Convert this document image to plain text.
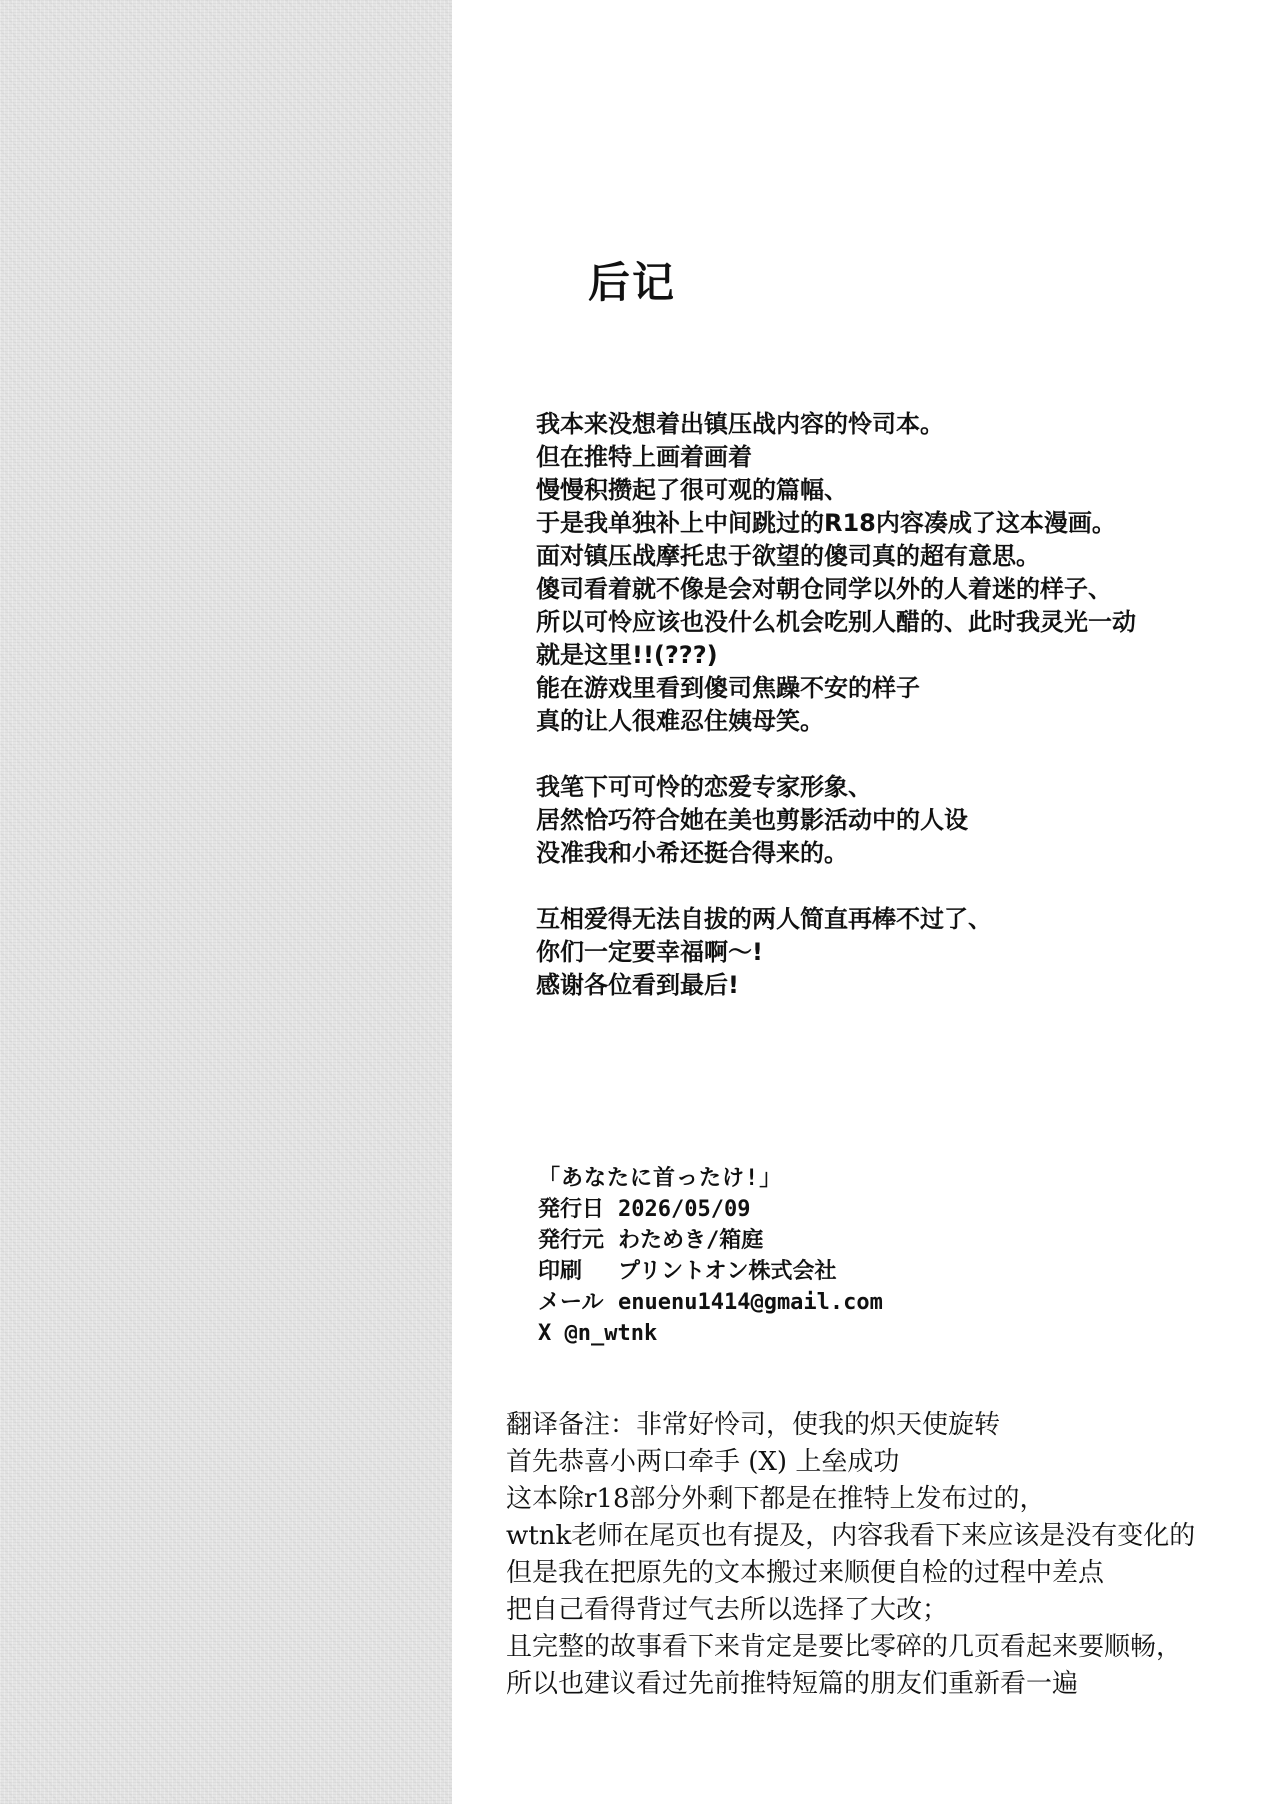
后记

我本来没想着出镇压战内容的怜司本。
但在推特上画着画着
慢慢积攒起了很可观的篇幅、
于是我单独补上中间跳过的R18内容凑成了这本漫画。
面对镇压战摩托忠于欲望的傻司真的超有意思。
傻司看着就不像是会对朝仓同学以外的人着迷的样子、
所以可怜应该也没什么机会吃别人醋的、此时我灵光一动
就是这里!!(???)
能在游戏里看到傻司焦躁不安的样子
真的让人很难忍住姨母笑。

我笔下可可怜的恋爱专家形象、
居然恰巧符合她在美也剪影活动中的人设
没准我和小希还挺合得来的。

互相爱得无法自拔的两人简直再棒不过了、
你们一定要幸福啊〜!
感谢各位看到最后!

「あなたに首ったけ!」
発行日 2026/05/09
発行元 わためき/箱庭
印刷	プリントオン株式会社
メール enuenu1414@gmail.com
X @n_wtnk
翻译备注：非常好怜司，使我的炽天使旋转
首先恭喜小两口牵手 (X) 上垒成功
这本除r18部分外剩下都是在推特上发布过的，
wtnk老师在尾页也有提及，内容我看下来应该是没有变化的
但是我在把原先的文本搬过来顺便自检的过程中差点
把自己看得背过气去所以选择了大改；
且完整的故事看下来肯定是要比零碎的几页看起来要顺畅，
所以也建议看过先前推特短篇的朋友们重新看一遍
